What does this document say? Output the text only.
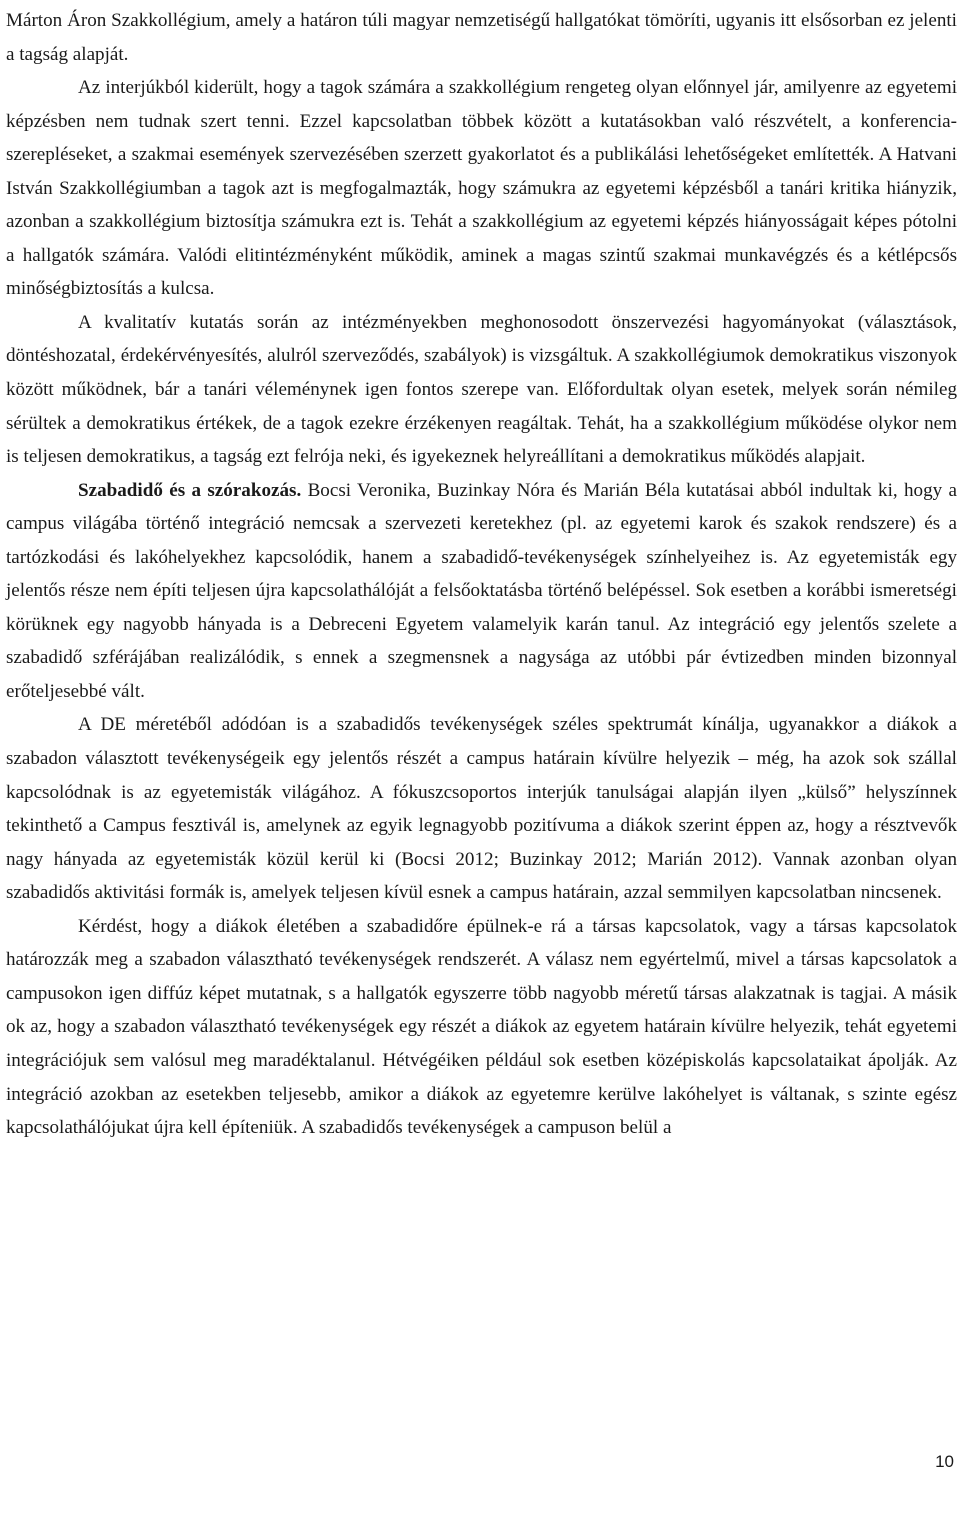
Márton Áron Szakkollégium, amely a határon túli magyar nemzetiségű hallgatókat tömöríti, ugyanis itt elsősorban ez jelenti a tagság alapját.

Az interjúkból kiderült, hogy a tagok számára a szakkollégium rengeteg olyan előnnyel jár, amilyenre az egyetemi képzésben nem tudnak szert tenni. Ezzel kapcsolatban többek között a kutatásokban való részvételt, a konferencia-szerepléseket, a szakmai események szervezésében szerzett gyakorlatot és a publikálási lehetőségeket említették. A Hatvani István Szakkollégiumban a tagok azt is megfogalmazták, hogy számukra az egyetemi képzésből a tanári kritika hiányzik, azonban a szakkollégium biztosítja számukra ezt is. Tehát a szakkollégium az egyetemi képzés hiányosságait képes pótolni a hallgatók számára. Valódi elitintézményként működik, aminek a magas szintű szakmai munkavégzés és a kétlépcsős minőségbiztosítás a kulcsa.

A kvalitatív kutatás során az intézményekben meghonosodott önszervezési hagyományokat (választások, döntéshozatal, érdekérvényesítés, alulról szerveződés, szabályok) is vizsgáltuk. A szakkollégiumok demokratikus viszonyok között működnek, bár a tanári véleménynek igen fontos szerepe van. Előfordultak olyan esetek, melyek során némileg sérültek a demokratikus értékek, de a tagok ezekre érzékenyen reagáltak. Tehát, ha a szakkollégium működése olykor nem is teljesen demokratikus, a tagság ezt felrója neki, és igyekeznek helyreállítani a demokratikus működés alapjait.

Szabadidő és a szórakozás. Bocsi Veronika, Buzinkay Nóra és Marián Béla kutatásai abból indultak ki, hogy a campus világába történő integráció nemcsak a szervezeti keretekhez (pl. az egyetemi karok és szakok rendszere) és a tartózkodási és lakóhelyekhez kapcsolódik, hanem a szabadidő-tevékenységek színhelyeihez is. Az egyetemisták egy jelentős része nem építi teljesen újra kapcsolathálóját a felsőoktatásba történő belépéssel. Sok esetben a korábbi ismeretségi körüknek egy nagyobb hányada is a Debreceni Egyetem valamelyik karán tanul. Az integráció egy jelentős szelete a szabadidő szférájában realizálódik, s ennek a szegmensnek a nagysága az utóbbi pár évtizedben minden bizonnyal erőteljesebbé vált.

A DE méretéből adódóan is a szabadidős tevékenységek széles spektrumát kínálja, ugyanakkor a diákok a szabadon választott tevékenységeik egy jelentős részét a campus határain kívülre helyezik – még, ha azok sok szállal kapcsolódnak is az egyetemisták világához. A fókuszcsoportos interjúk tanulságai alapján ilyen „külső” helyszínnek tekinthető a Campus fesztivál is, amelynek az egyik legnagyobb pozitívuma a diákok szerint éppen az, hogy a résztvevők nagy hányada az egyetemisták közül kerül ki (Bocsi 2012; Buzinkay 2012; Marián 2012). Vannak azonban olyan szabadidős aktivitási formák is, amelyek teljesen kívül esnek a campus határain, azzal semmilyen kapcsolatban nincsenek.

Kérdést, hogy a diákok életében a szabadidőre épülnek-e rá a társas kapcsolatok, vagy a társas kapcsolatok határozzák meg a szabadon választható tevékenységek rendszerét. A válasz nem egyértelmű, mivel a társas kapcsolatok a campusokon igen diffúz képet mutatnak, s a hallgatók egyszerre több nagyobb méretű társas alakzatnak is tagjai. A másik ok az, hogy a szabadon választható tevékenységek egy részét a diákok az egyetem határain kívülre helyezik, tehát egyetemi integrációjuk sem valósul meg maradéktalanul. Hétvégéiken például sok esetben középiskolás kapcsolataikat ápolják. Az integráció azokban az esetekben teljesebb, amikor a diákok az egyetemre kerülve lakóhelyet is váltanak, s szinte egész kapcsolathálójukat újra kell építeniük. A szabadidős tevékenységek a campuson belül a

10
